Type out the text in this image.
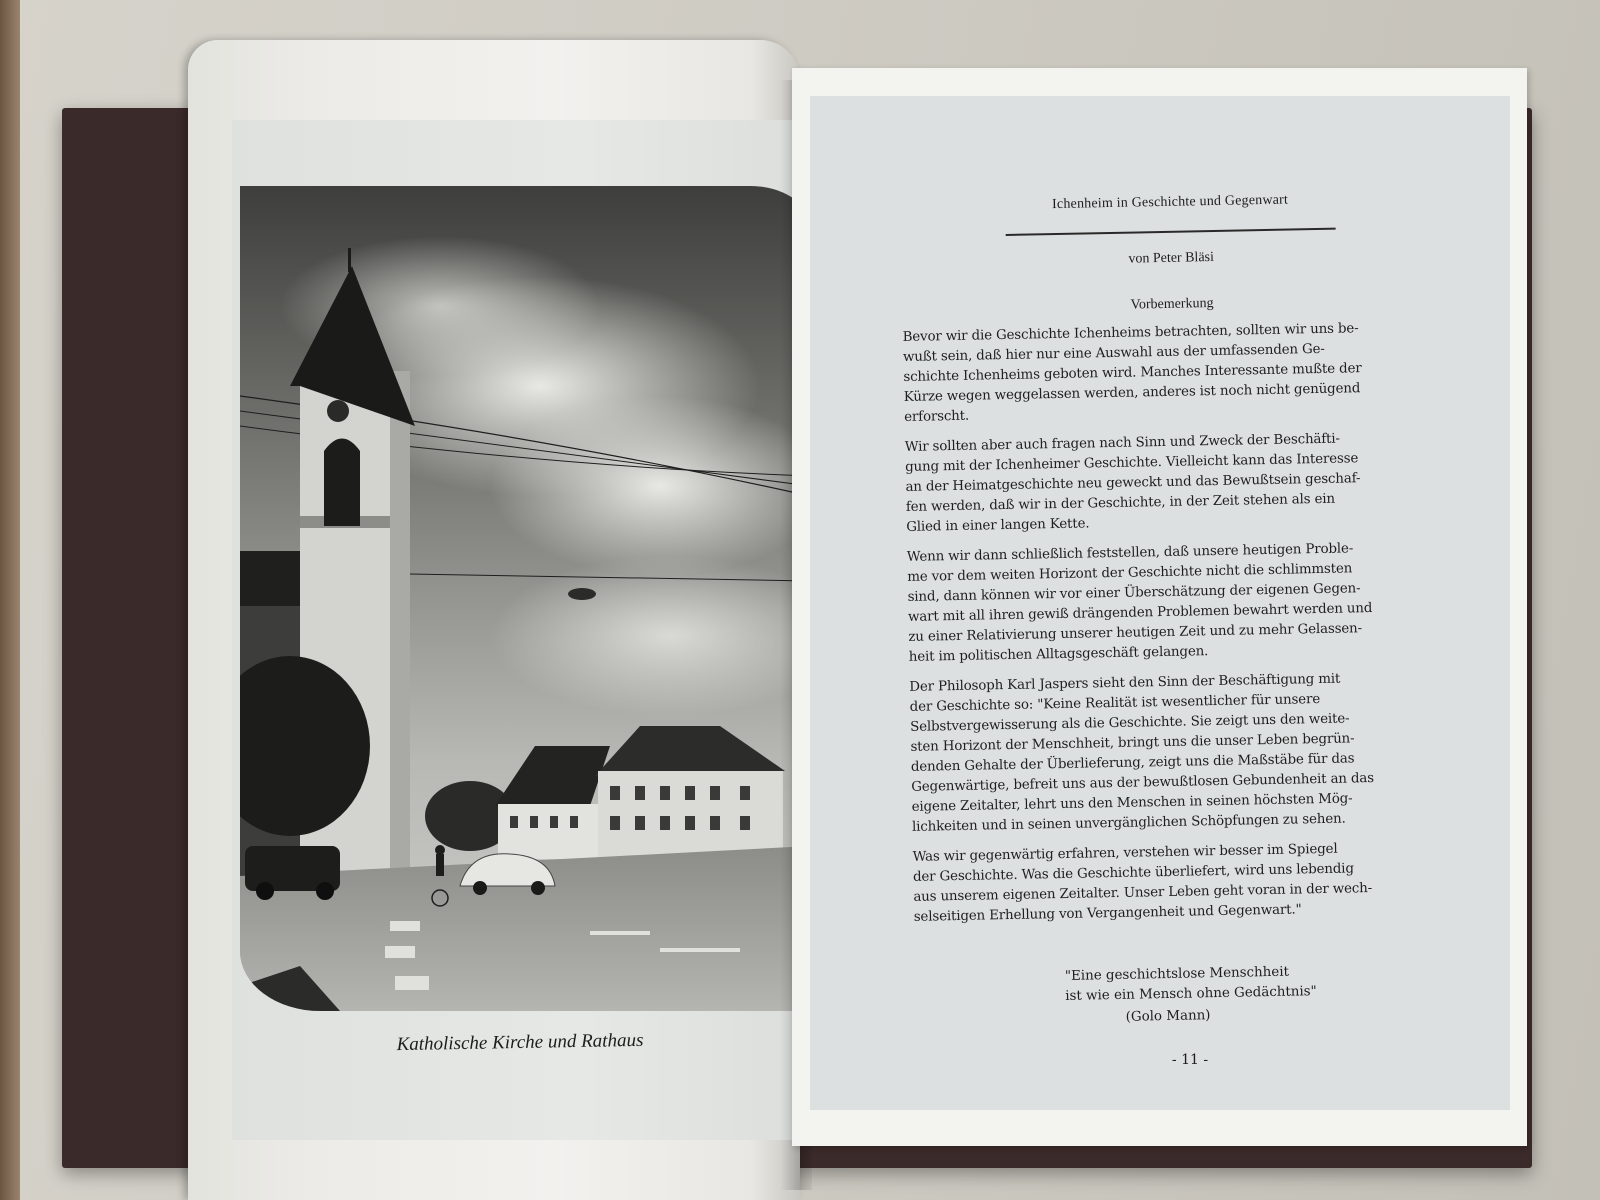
Katholische Kirche und Rathaus
Ichenheim in Geschichte und Gegenwart
von Peter Bläsi
Vorbemerkung
Bevor wir die Geschichte Ichenheims betrachten, sollten wir uns be-
wußt sein, daß hier nur eine Auswahl aus der umfassenden Ge-
schichte Ichenheims geboten wird. Manches Interessante mußte der
Kürze wegen weggelassen werden, anderes ist noch nicht genügend
erforscht.
Wir sollten aber auch fragen nach Sinn und Zweck der Beschäfti-
gung mit der Ichenheimer Geschichte. Vielleicht kann das Interesse
an der Heimatgeschichte neu geweckt und das Bewußtsein geschaf-
fen werden, daß wir in der Geschichte, in der Zeit stehen als ein
Glied in einer langen Kette.
Wenn wir dann schließlich feststellen, daß unsere heutigen Proble-
me vor dem weiten Horizont der Geschichte nicht die schlimmsten
sind, dann können wir vor einer Überschätzung der eigenen Gegen-
wart mit all ihren gewiß drängenden Problemen bewahrt werden und
zu einer Relativierung unserer heutigen Zeit und zu mehr Gelassen-
heit im politischen Alltagsgeschäft gelangen.
Der Philosoph Karl Jaspers sieht den Sinn der Beschäftigung mit
der Geschichte so: "Keine Realität ist wesentlicher für unsere
Selbstvergewisserung als die Geschichte. Sie zeigt uns den weite-
sten Horizont der Menschheit, bringt uns die unser Leben begrün-
denden Gehalte der Überlieferung, zeigt uns die Maßstäbe für das
Gegenwärtige, befreit uns aus der bewußtlosen Gebundenheit an das
eigene Zeitalter, lehrt uns den Menschen in seinen höchsten Mög-
lichkeiten und in seinen unvergänglichen Schöpfungen zu sehen.
Was wir gegenwärtig erfahren, verstehen wir besser im Spiegel
der Geschichte. Was die Geschichte überliefert, wird uns lebendig
aus unserem eigenen Zeitalter. Unser Leben geht voran in der wech-
selseitigen Erhellung von Vergangenheit und Gegenwart."
"Eine geschichtslose Menschheit
ist wie ein Mensch ohne Gedächtnis"
(Golo Mann)
- 11 -
